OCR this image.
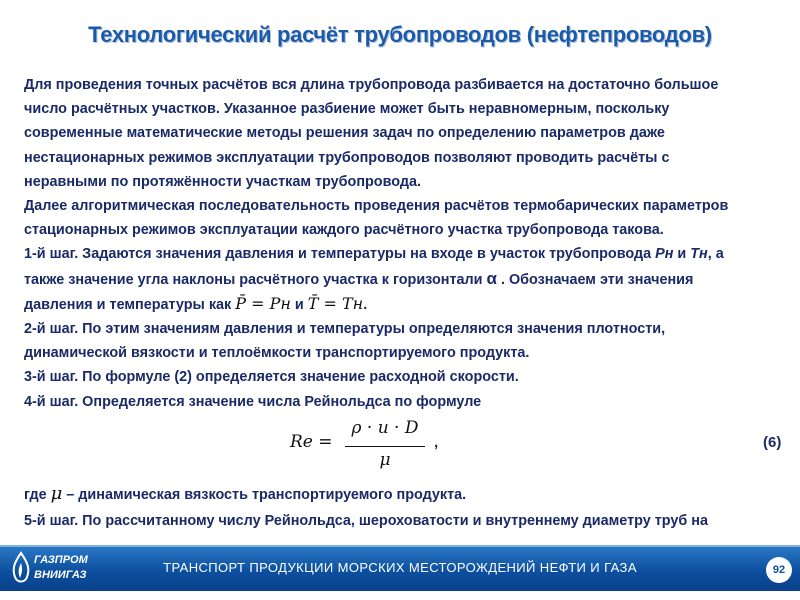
Технологический расчёт трубопроводов (нефтепроводов)

Для проведения точных расчётов вся длина трубопровода разбивается на достаточно большое

число расчётных участков. Указанное разбиение может быть неравномерным, поскольку

современные математические методы решения задач по определению параметров даже

нестационарных режимов эксплуатации трубопроводов позволяют проводить расчёты с

неравными по протяжённости участкам трубопровода.

Далее алгоритмическая последовательность проведения расчётов термобарических параметров

стационарных режимов эксплуатации каждого расчётного участка трубопровода такова.

1-й шаг. Задаются значения давления и температуры на входе в участок трубопровода Рн и Тн, а

также значение угла наклоны расчётного участка к горизонтали α . Обозначаем эти значения

давления и температуры как P̄ = Pн и T̄ = Tн.

2-й шаг. По этим значениям давления и температуры определяются значения плотности,

динамической вязкости и теплоёмкости транспортируемого продукта.

3-й шаг. По формуле (2) определяется значение расходной скорости.

4-й шаг. Определяется значение числа Рейнольдса по формуле

Re =
ρ · u · D
μ
,	(6)

где μ – динамическая вязкость транспортируемого продукта.

5-й шаг. По рассчитанному числу Рейнольдса, шероховатости и внутреннему диаметру труб на

ГАЗПРОМ
ВНИИГАЗ	ТРАНСПОРТ ПРОДУКЦИИ МОРСКИХ МЕСТОРОЖДЕНИЙ НЕФТИ И ГАЗА	92
